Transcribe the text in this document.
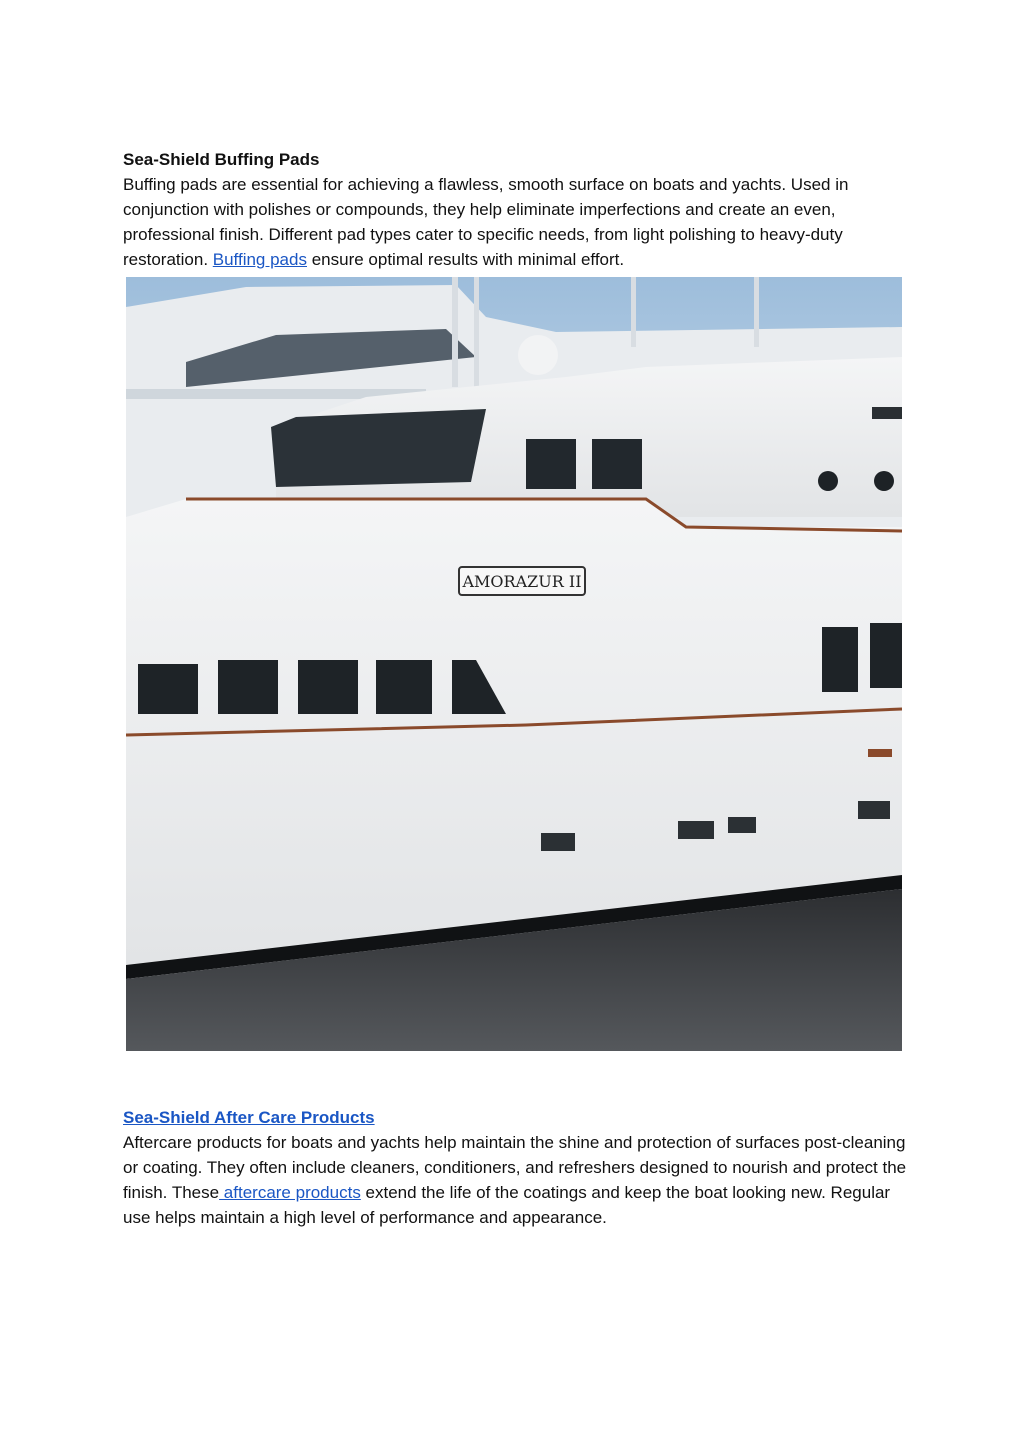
Sea-Shield Buffing Pads

Buffing pads are essential for achieving a flawless, smooth surface on boats and yachts. Used in conjunction with polishes or compounds, they help eliminate imperfections and create an even, professional finish. Different pad types cater to specific needs, from light polishing to heavy-duty restoration. Buffing pads ensure optimal results with minimal effort.

AMORAZUR II

Sea-Shield After Care Products

Aftercare products for boats and yachts help maintain the shine and protection of surfaces post-cleaning or coating. They often include cleaners, conditioners, and refreshers designed to nourish and protect the finish. These aftercare products extend the life of the coatings and keep the boat looking new. Regular use helps maintain a high level of performance and appearance.
